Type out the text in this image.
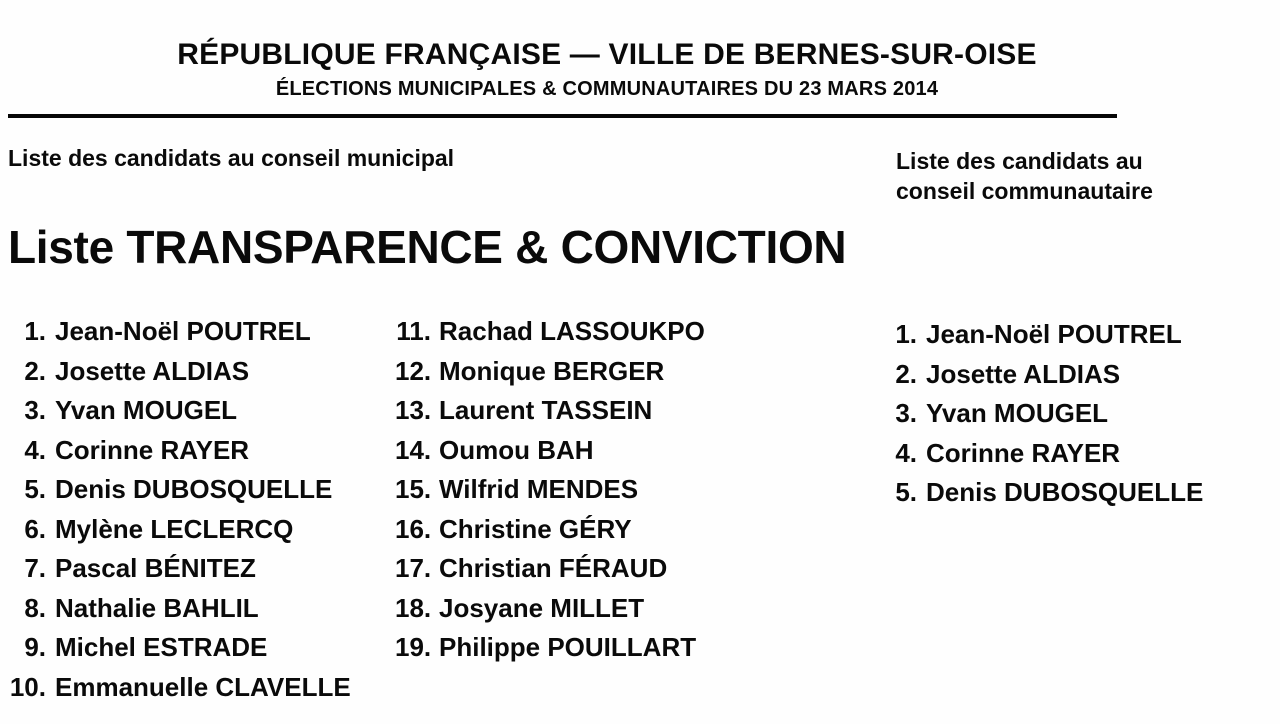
RÉPUBLIQUE FRANÇAISE — VILLE DE BERNES-SUR-OISE
ÉLECTIONS MUNICIPALES & COMMUNAUTAIRES DU 23 MARS 2014
Liste des candidats au conseil municipal	Liste des candidats au conseil communautaire
Liste TRANSPARENCE & CONVICTION
1. Jean-Noël POUTREL
2. Josette ALDIAS
3. Yvan MOUGEL
4. Corinne RAYER
5. Denis DUBOSQUELLE
6. Mylène LECLERCQ
7. Pascal BÉNITEZ
8. Nathalie BAHLIL
9. Michel ESTRADE
10. Emmanuelle CLAVELLE
11. Rachad LASSOUKPO
12. Monique BERGER
13. Laurent TASSEIN
14. Oumou BAH
15. Wilfrid MENDES
16. Christine GÉRY
17. Christian FÉRAUD
18. Josyane MILLET
19. Philippe POUILLART
1. Jean-Noël POUTREL
2. Josette ALDIAS
3. Yvan MOUGEL
4. Corinne RAYER
5. Denis DUBOSQUELLE
